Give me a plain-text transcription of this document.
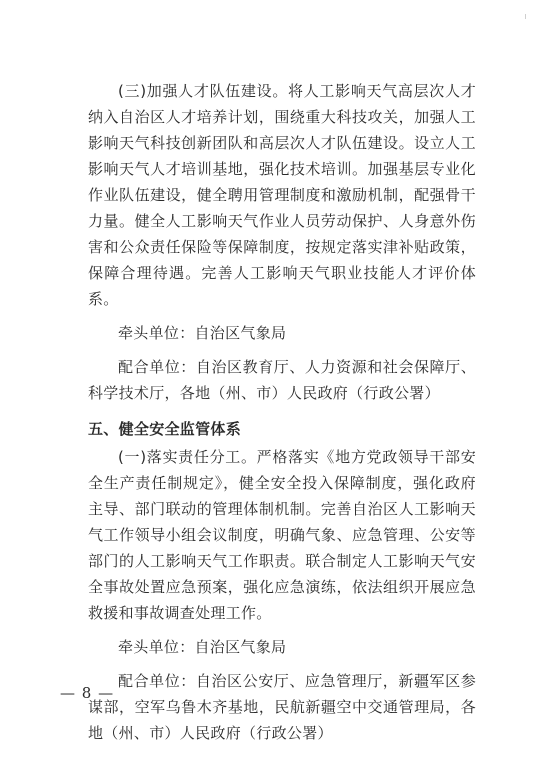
(三)加强人才队伍建设。将人工影响天气高层次人才纳入自治区人才培养计划，围绕重大科技攻关，加强人工影响天气科技创新团队和高层次人才队伍建设。设立人工影响天气人才培训基地，强化技术培训。加强基层专业化作业队伍建设，健全聘用管理制度和激励机制，配强骨干力量。健全人工影响天气作业人员劳动保护、人身意外伤害和公众责任保险等保障制度，按规定落实津补贴政策，保障合理待遇。完善人工影响天气职业技能人才评价体系。

牵头单位：自治区气象局

配合单位：自治区教育厅、人力资源和社会保障厅、科学技术厅，各地（州、市）人民政府（行政公署）

五、健全安全监管体系

(一)落实责任分工。严格落实《地方党政领导干部安全生产责任制规定》，健全安全投入保障制度，强化政府主导、部门联动的管理体制机制。完善自治区人工影响天气工作领导小组会议制度，明确气象、应急管理、公安等部门的人工影响天气工作职责。联合制定人工影响天气安全事故处置应急预案，强化应急演练，依法组织开展应急救援和事故调查处理工作。

牵头单位：自治区气象局

配合单位：自治区公安厅、应急管理厅，新疆军区参谋部，空军乌鲁木齐基地，民航新疆空中交通管理局，各地（州、市）人民政府（行政公署）

— 8 —
